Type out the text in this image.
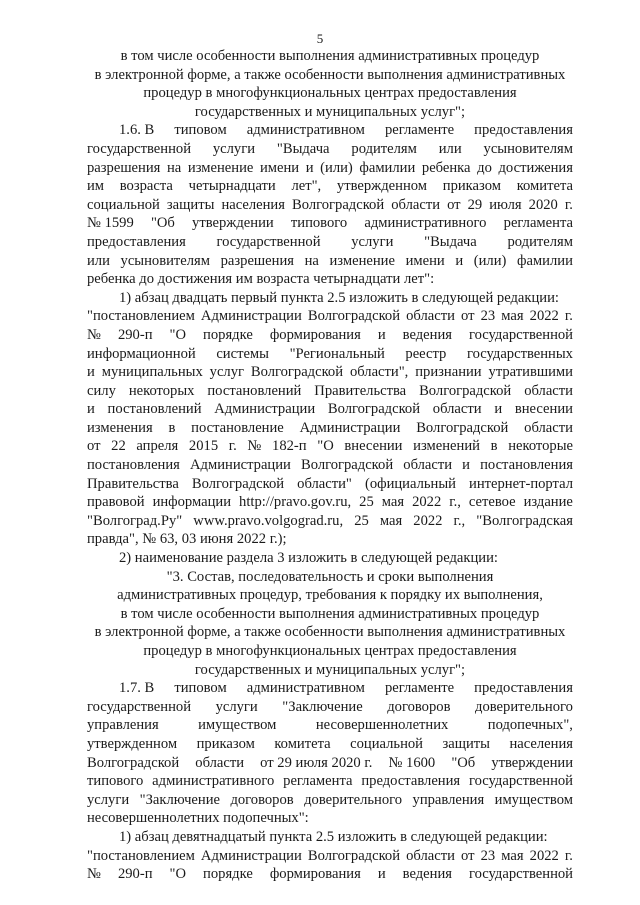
5
в том числе особенности выполнения административных процедур
в электронной форме, а также особенности выполнения административных
процедур в многофункциональных центрах предоставления
государственных и муниципальных услуг";
1.6. В типовом административном регламенте предоставления
государственной услуги "Выдача родителям или усыновителям
разрешения на изменение имени и (или) фамилии ребенка до достижения
им возраста четырнадцати лет", утвержденном приказом комитета
социальной защиты населения Волгоградской области от 29 июля 2020 г.
№ 1599 "Об утверждении типового административного регламента
предоставления государственной услуги "Выдача родителям
или усыновителям разрешения на изменение имени и (или) фамилии
ребенка до достижения им возраста четырнадцати лет":
1) абзац двадцать первый пункта 2.5 изложить в следующей редакции:
"постановлением Администрации Волгоградской области от 23 мая 2022 г.
№ 290-п "О порядке формирования и ведения государственной
информационной системы "Региональный реестр государственных
и муниципальных услуг Волгоградской области", признании утратившими
силу некоторых постановлений Правительства Волгоградской области
и постановлений Администрации Волгоградской области и внесении
изменения в постановление Администрации Волгоградской области
от 22 апреля 2015 г. № 182-п "О внесении изменений в некоторые
постановления Администрации Волгоградской области и постановления
Правительства Волгоградской области" (официальный интернет-портал
правовой информации http://pravo.gov.ru, 25 мая 2022 г., сетевое издание
"Волгоград.Ру" www.pravo.volgograd.ru, 25 мая 2022 г., "Волгоградская
правда", № 63, 03 июня 2022 г.);
2) наименование раздела 3 изложить в следующей редакции:
"3. Состав, последовательность и сроки выполнения
административных процедур, требования к порядку их выполнения,
в том числе особенности выполнения административных процедур
в электронной форме, а также особенности выполнения административных
процедур в многофункциональных центрах предоставления
государственных и муниципальных услуг";
1.7. В типовом административном регламенте предоставления
государственной услуги "Заключение договоров доверительного
управления	имуществом	несовершеннолетних	подопечных",
утвержденном приказом комитета социальной защиты населения
Волгоградской области от 29 июля 2020 г. № 1600 "Об утверждении
типового административного регламента предоставления государственной
услуги "Заключение договоров доверительного управления имуществом
несовершеннолетних подопечных":
1) абзац девятнадцатый пункта 2.5 изложить в следующей редакции:
"постановлением Администрации Волгоградской области от 23 мая 2022 г.
№ 290-п "О порядке формирования и ведения государственной
